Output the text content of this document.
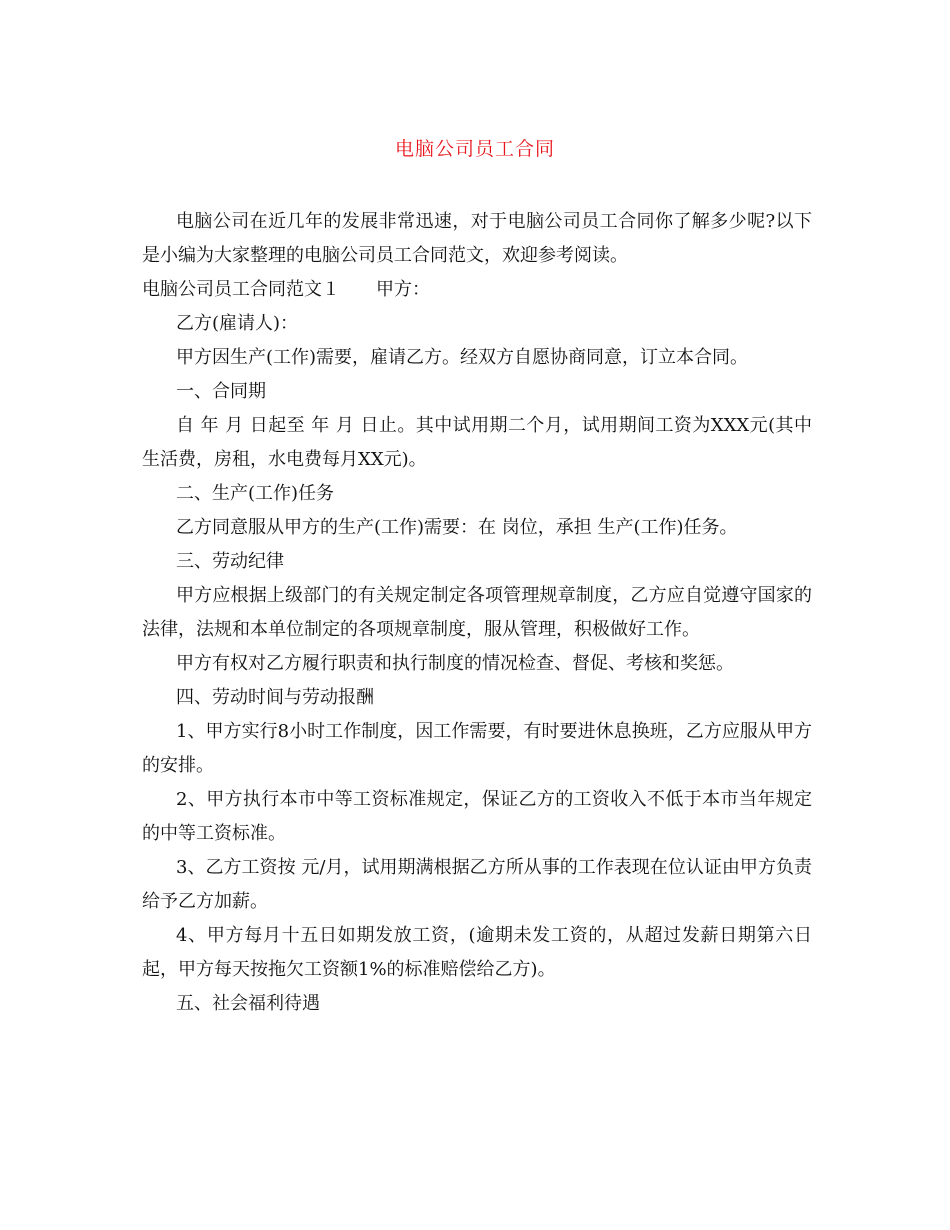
电脑公司员工合同

电脑公司在近几年的发展非常迅速，对于电脑公司员工合同你了解多少呢?以下是小编为大家整理的电脑公司员工合同范文，欢迎参考阅读。

电脑公司员工合同范文１　　甲方：

乙方(雇请人)：

甲方因生产(工作)需要，雇请乙方。经双方自愿协商同意，订立本合同。

一、合同期

自 年 月 日起至 年 月 日止。其中试用期二个月，试用期间工资为XXX元(其中生活费，房租，水电费每月XX元)。

二、生产(工作)任务

乙方同意服从甲方的生产(工作)需要：在 岗位，承担 生产(工作)任务。

三、劳动纪律

甲方应根据上级部门的有关规定制定各项管理规章制度，乙方应自觉遵守国家的法律，法规和本单位制定的各项规章制度，服从管理，积极做好工作。

甲方有权对乙方履行职责和执行制度的情况检查、督促、考核和奖惩。

四、劳动时间与劳动报酬

1、甲方实行8小时工作制度，因工作需要，有时要进休息换班，乙方应服从甲方的安排。

2、甲方执行本市中等工资标准规定，保证乙方的工资收入不低于本市当年规定的中等工资标准。

3、乙方工资按 元/月，试用期满根据乙方所从事的工作表现在位认证由甲方负责给予乙方加薪。

4、甲方每月十五日如期发放工资，(逾期未发工资的，从超过发薪日期第六日起，甲方每天按拖欠工资额1%的标准赔偿给乙方)。

五、社会福利待遇
